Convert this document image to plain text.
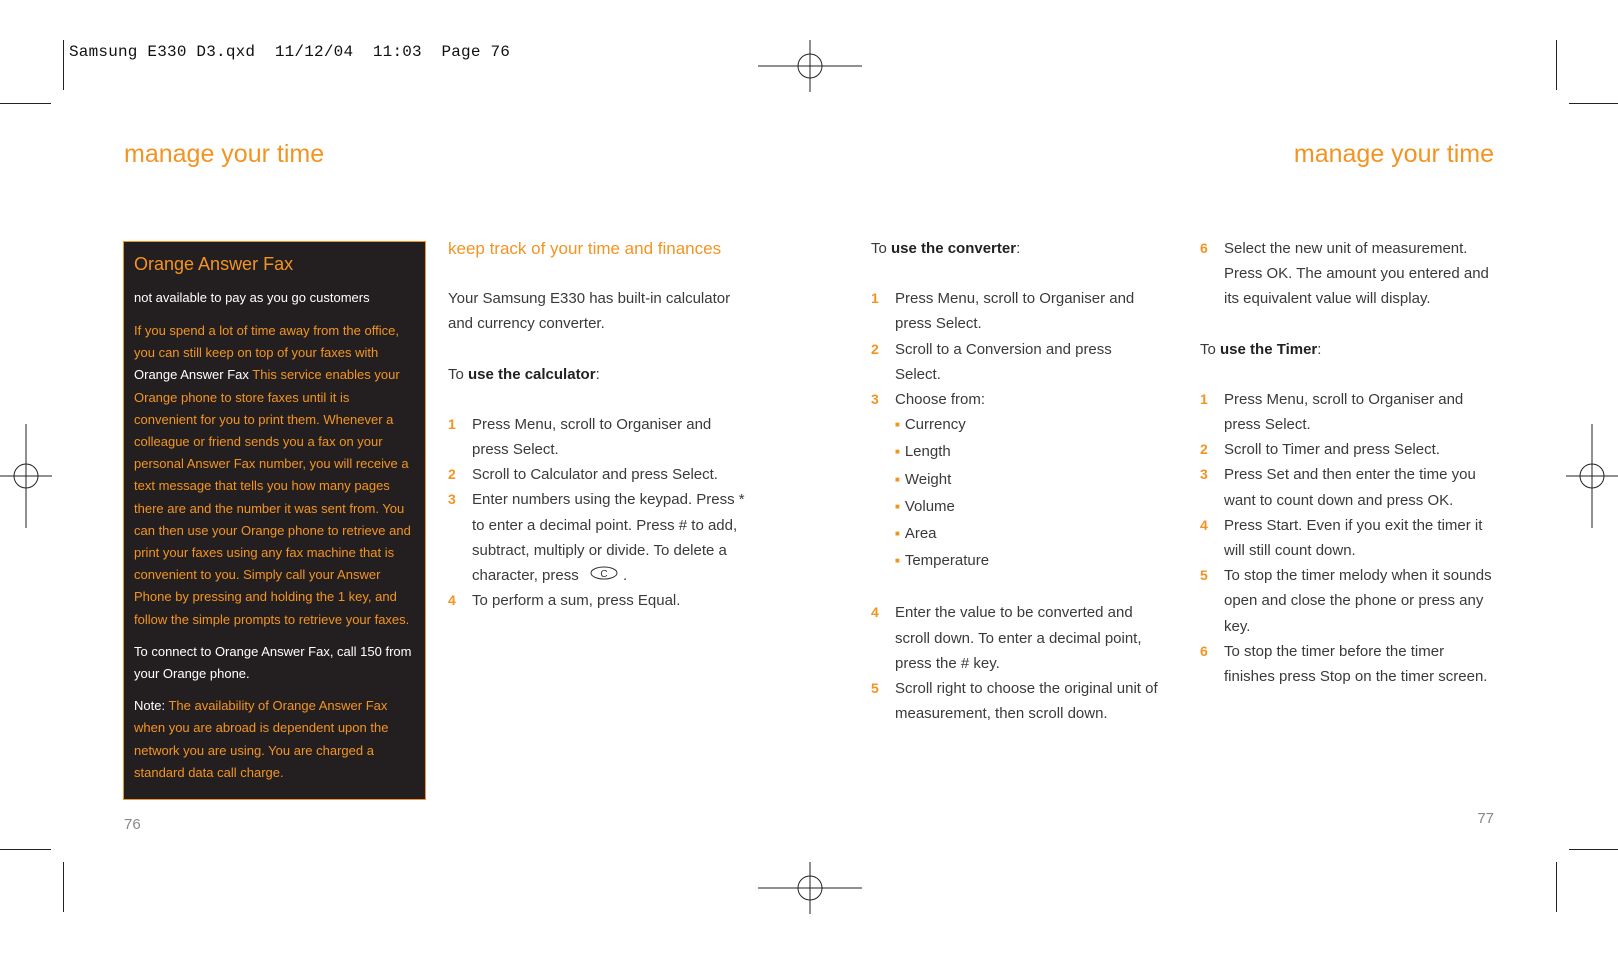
Samsung E330 D3.qxd  11/12/04  11:03  Page 76
manage your time	manage your time
Orange Answer Fax
not available to pay as you go customers

If you spend a lot of time away from the office, you can still keep on top of your faxes with Orange Answer Fax This service enables your Orange phone to store faxes until it is convenient for you to print them. Whenever a colleague or friend sends you a fax on your personal Answer Fax number, you will receive a text message that tells you how many pages there are and the number it was sent from. You can then use your Orange phone to retrieve and print your faxes using any fax machine that is convenient to you. Simply call your Answer Phone by pressing and holding the 1 key, and follow the simple prompts to retrieve your faxes.

To connect to Orange Answer Fax, call 150 from your Orange phone.

Note: The availability of Orange Answer Fax when you are abroad is dependent upon the network you are using. You are charged a standard data call charge.

keep track of your time and finances

Your Samsung E330 has built-in calculator and currency converter.

To use the calculator:

1 Press Menu, scroll to Organiser and press Select.
2 Scroll to Calculator and press Select.
3 Enter numbers using the keypad. Press * to enter a decimal point. Press # to add, subtract, multiply or divide. To delete a character, press C .
4 To perform a sum, press Equal.

To use the converter:

1 Press Menu, scroll to Organiser and press Select.
2 Scroll to a Conversion and press Select.
3 Choose from:
■ Currency
■ Length
■ Weight
■ Volume
■ Area
■ Temperature
4 Enter the value to be converted and scroll down. To enter a decimal point, press the # key.
5 Scroll right to choose the original unit of measurement, then scroll down.
6 Select the new unit of measurement. Press OK. The amount you entered and its equivalent value will display.

To use the Timer:

1 Press Menu, scroll to Organiser and press Select.
2 Scroll to Timer and press Select.
3 Press Set and then enter the time you want to count down and press OK.
4 Press Start. Even if you exit the timer it will still count down.
5 To stop the timer melody when it sounds open and close the phone or press any key.
6 To stop the timer before the timer finishes press Stop on the timer screen.
76	77
